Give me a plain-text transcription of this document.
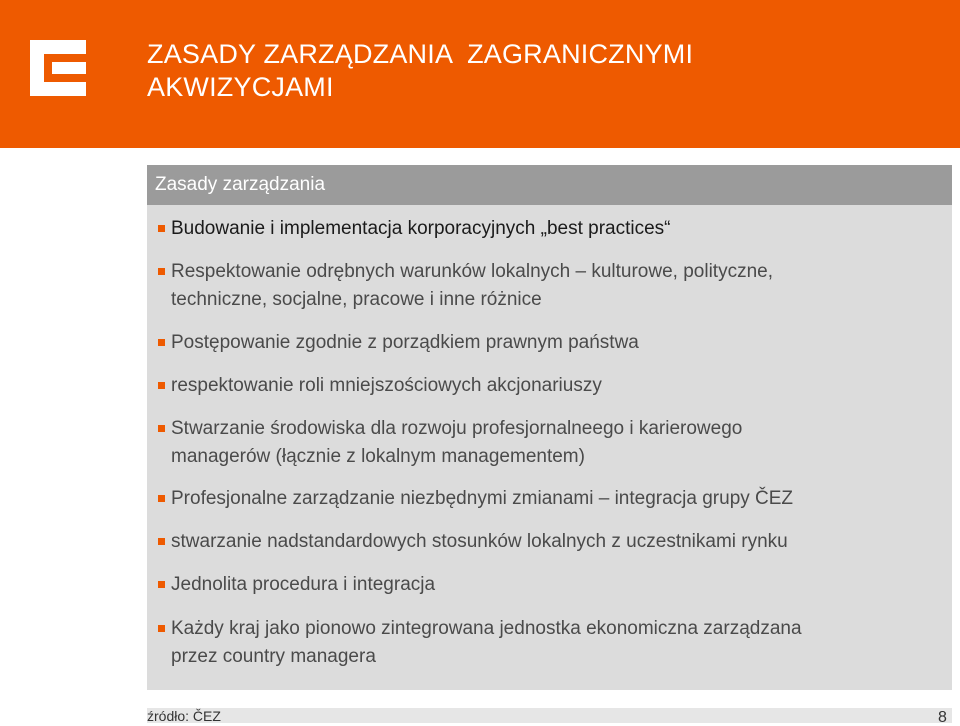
ZASADY ZARZĄDZANIA  ZAGRANICZNYMI
AKWIZYCJAMI
Zasady zarządzania
Budowanie i implementacja korporacyjnych „best practices“
Respektowanie odrębnych warunków lokalnych – kulturowe, polityczne,
techniczne, socjalne, pracowe i inne różnice
Postępowanie zgodnie z porządkiem prawnym państwa
respektowanie roli mniejszościowych akcjonariuszy
Stwarzanie środowiska dla rozwoju profesjornalneego i karierowego
managerów (łącznie z lokalnym managementem)
Profesjonalne zarządzanie niezbędnymi zmianami – integracja grupy ČEZ
stwarzanie nadstandardowych stosunków lokalnych z uczestnikami rynku
Jednolita procedura i integracja
Każdy kraj jako pionowo zintegrowana jednostka ekonomiczna zarządzana
przez country managera
źródło: ČEZ	8
